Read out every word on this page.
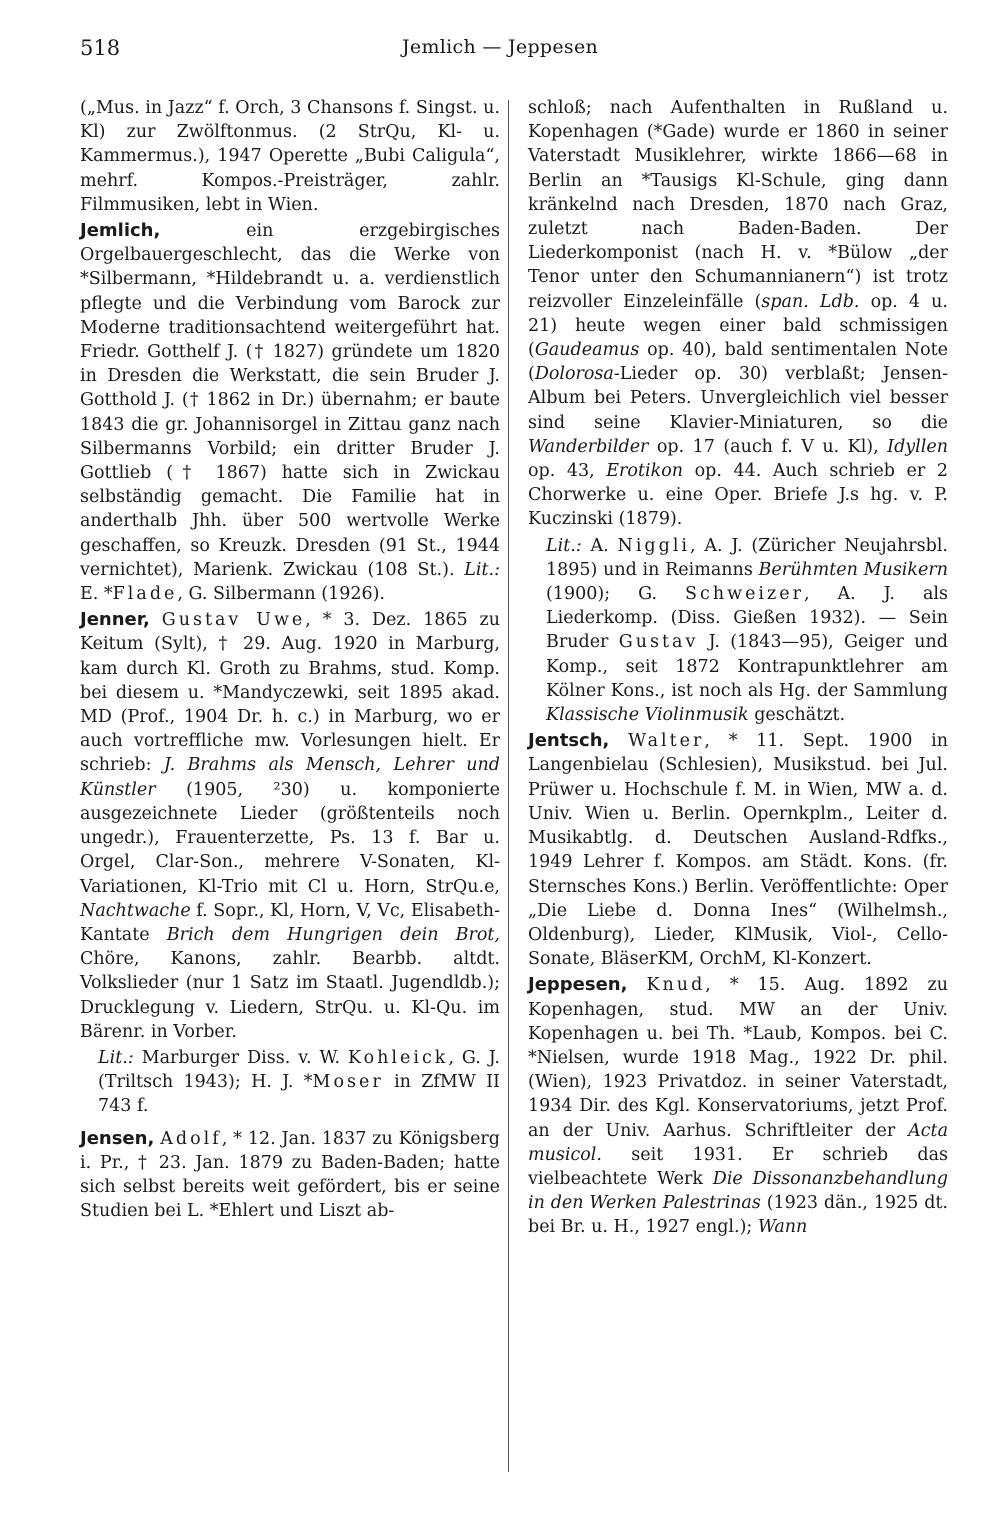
518	Jemlich — Jeppesen

(„Mus. in Jazz“ f. Orch, 3 Chansons f. Singst. u. Kl) zur Zwölftonmus. (2 StrQu, Kl- u. Kammermus.), 1947 Operette „Bubi Caligula“, mehrf. Kompos.-Preisträger, zahlr. Filmmusiken, lebt in Wien.

Jemlich,	ein erzgebirgisches Orgelbauergeschlecht, das die Werke von *Silbermann, *Hildebrandt u. a. verdienstlich pflegte und die Verbindung vom Barock zur Moderne traditionsachtend weitergeführt hat. Friedr. Gotthelf J. († 1827) gründete um 1820 in Dresden die Werkstatt, die sein Bruder J. Gotthold J. († 1862 in Dr.) übernahm; er baute 1843 die gr. Johannisorgel in Zittau ganz nach Silbermanns Vorbild; ein dritter Bruder J. Gottlieb († 1867) hatte sich in Zwickau selbständig gemacht. Die Familie hat in anderthalb Jhh. über 500 wertvolle Werke geschaffen, so Kreuzk. Dresden (91 St., 1944 vernichtet), Marienk. Zwickau (108 St.). Lit.: E. *Flade, G. Silbermann (1926).

Jenner, Gustav Uwe, * 3. Dez. 1865 zu Keitum (Sylt), † 29. Aug. 1920 in Marburg, kam durch Kl. Groth zu Brahms, stud. Komp. bei diesem u. *Mandyczewki, seit 1895 akad. MD (Prof., 1904 Dr. h. c.) in Marburg, wo er auch vortreffliche mw. Vorlesungen hielt. Er schrieb: J. Brahms als Mensch, Lehrer und Künstler (1905, ²30) u. komponierte ausgezeichnete Lieder (größtenteils noch ungedr.), Frauenterzette, Ps. 13 f. Bar u. Orgel, Clar-Son., mehrere V-Sonaten, Kl-Variationen, Kl-Trio mit Cl u. Horn, StrQu.e, Nachtwache f. Sopr., Kl, Horn, V, Vc, Elisabeth-Kantate Brich dem Hungrigen dein Brot, Chöre, Kanons, zahlr. Bearbb. altdt. Volkslieder (nur 1 Satz im Staatl. Jugendldb.); Drucklegung v. Liedern, StrQu. u. Kl-Qu. im Bärenr. in Vorber.

Lit.: Marburger Diss. v. W. Kohleick, G. J. (Triltsch 1943); H. J. *Moser in ZfMW II 743 f.

Jensen, Adolf, * 12. Jan. 1837 zu Königsberg i. Pr., † 23. Jan. 1879 zu Baden-Baden; hatte sich selbst bereits weit gefördert, bis er seine Studien bei L. *Ehlert und Liszt ab-

schloß; nach Aufenthalten in Rußland u. Kopenhagen (*Gade) wurde er 1860 in seiner Vaterstadt Musiklehrer, wirkte 1866—68 in Berlin an *Tausigs Kl-Schule, ging dann kränkelnd nach Dresden, 1870 nach Graz, zuletzt nach Baden-Baden. Der Liederkomponist (nach H. v. *Bülow „der Tenor unter den Schumannianern“) ist trotz reizvoller Einzeleinfälle (span. Ldb. op. 4 u. 21) heute wegen einer bald schmissigen (Gaudeamus op. 40), bald sentimentalen Note (Dolorosa-Lieder op. 30) verblaßt; Jensen-Album bei Peters. Unvergleichlich viel besser sind seine Klavier-Miniaturen, so die Wanderbilder op. 17 (auch f. V u. Kl), Idyllen op. 43, Erotikon op. 44. Auch schrieb er 2 Chorwerke u. eine Oper. Briefe J.s hg. v. P. Kuczinski (1879).

Lit.: A. Niggli, A. J. (Züricher Neujahrsbl. 1895) und in Reimanns Berühmten Musikern (1900); G. Schweizer, A. J. als Liederkomp. (Diss. Gießen 1932). — Sein Bruder Gustav J. (1843—95), Geiger und Komp., seit 1872 Kontrapunktlehrer am Kölner Kons., ist noch als Hg. der Sammlung Klassische Violinmusik geschätzt.

Jentsch, Walter, * 11. Sept. 1900 in Langenbielau (Schlesien), Musikstud. bei Jul. Prüwer u. Hochschule f. M. in Wien, MW a. d. Univ. Wien u. Berlin. Opernkplm., Leiter d. Musikabtlg. d. Deutschen Ausland-Rdfks., 1949 Lehrer f. Kompos. am Städt. Kons. (fr. Sternsches Kons.) Berlin. Veröffentlichte: Oper „Die Liebe d. Donna Ines“ (Wilhelmsh., Oldenburg), Lieder, KlMusik, Viol-, Cello-Sonate, BläserKM, OrchM, Kl-Konzert.

Jeppesen, Knud, * 15. Aug. 1892 zu Kopenhagen, stud. MW an der Univ. Kopenhagen u. bei Th. *Laub, Kompos. bei C. *Nielsen, wurde 1918 Mag., 1922 Dr. phil. (Wien), 1923 Privatdoz. in seiner Vaterstadt, 1934 Dir. des Kgl. Konservatoriums, jetzt Prof. an der Univ. Aarhus. Schriftleiter der Acta musicol. seit 1931. Er schrieb das vielbeachtete Werk Die Dissonanzbehandlung in den Werken Palestrinas (1923 dän., 1925 dt. bei Br. u. H., 1927 engl.); Wann
